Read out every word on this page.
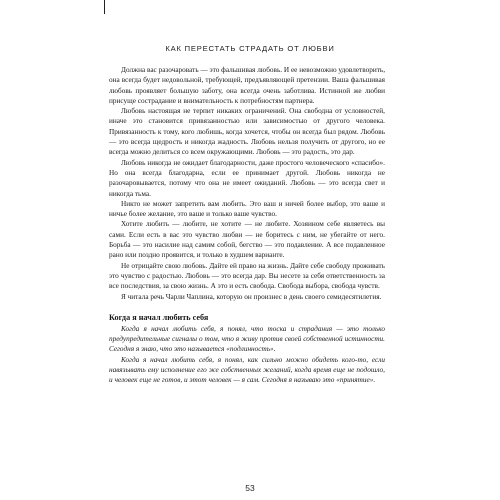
КАК ПЕРЕСТАТЬ СТРАДАТЬ ОТ ЛЮБВИ

Должна вас разочаровать — это фальшивая любовь. И ее невозможно удовлетворить, она всегда будет недовольной, требующей, предъявляющей претензии. Ваша фальшивая любовь проявляет большую заботу, она всегда очень заботлива. Истинной же любви присуще сострадание и внимательность к потребностям партнера.

Любовь настоящая не терпит никаких ограничений. Она свободна от условностей, иначе это становится привязанностью или зависимостью от другого человека. Привязанность к тому, кого любишь, когда хочется, чтобы он всегда был рядом. Любовь — это всегда щедрость и никогда жадность. Любовь нельзя получить от другого, но ее всегда можно делиться со всем окружающими. Любовь — это радость, это дар.

Любовь никогда не ожидает благодарности, даже простого человеческого «спасибо». Но она всегда благодарна, если ее принимает другой. Любовь никогда не разочаровывается, потому что она не имеет ожиданий. Любовь — это всегда свет и никогда тьма.

Никто не может запретить вам любить. Это ваш и ничей более выбор, это ваше и ничье более желание, это ваше и только ваше чувство.

Хотите любить — любите, не хотите — не любите. Хозяином себе являетесь вы сами. Если есть в вас это чувство любви — не боритесь с ним, не убегайте от него. Борьба — это насилие над самим собой, бегство — это подавление. А все подавленное рано или поздно проявится, и только в худшем варианте.

Не отрицайте свою любовь. Дайте ей право на жизнь. Дайте себе свободу проживать это чувство с радостью. Любовь — это всегда дар. Вы несете за себя ответственность за все последствия, за свою жизнь. А это и есть свобода. Свобода выбора, свобода чувств.

Я читала речь Чарли Чаплина, которую он произнес в день своего семидесятилетия.

Когда я начал любить себя

Когда я начал любить себя, я понял, что тоска и страдания — это только предупредительные сигналы о том, что я живу против своей собственной истинности. Сегодня я знаю, что это называется «подлинность».

Когда я начал любить себя, я понял, как сильно можно обидеть кого-то, если навязывать ему исполнение его же собственных желаний, когда время еще не подошло, и человек еще не готов, и этот человек — я сам. Сегодня я называю это «принятие».

53
